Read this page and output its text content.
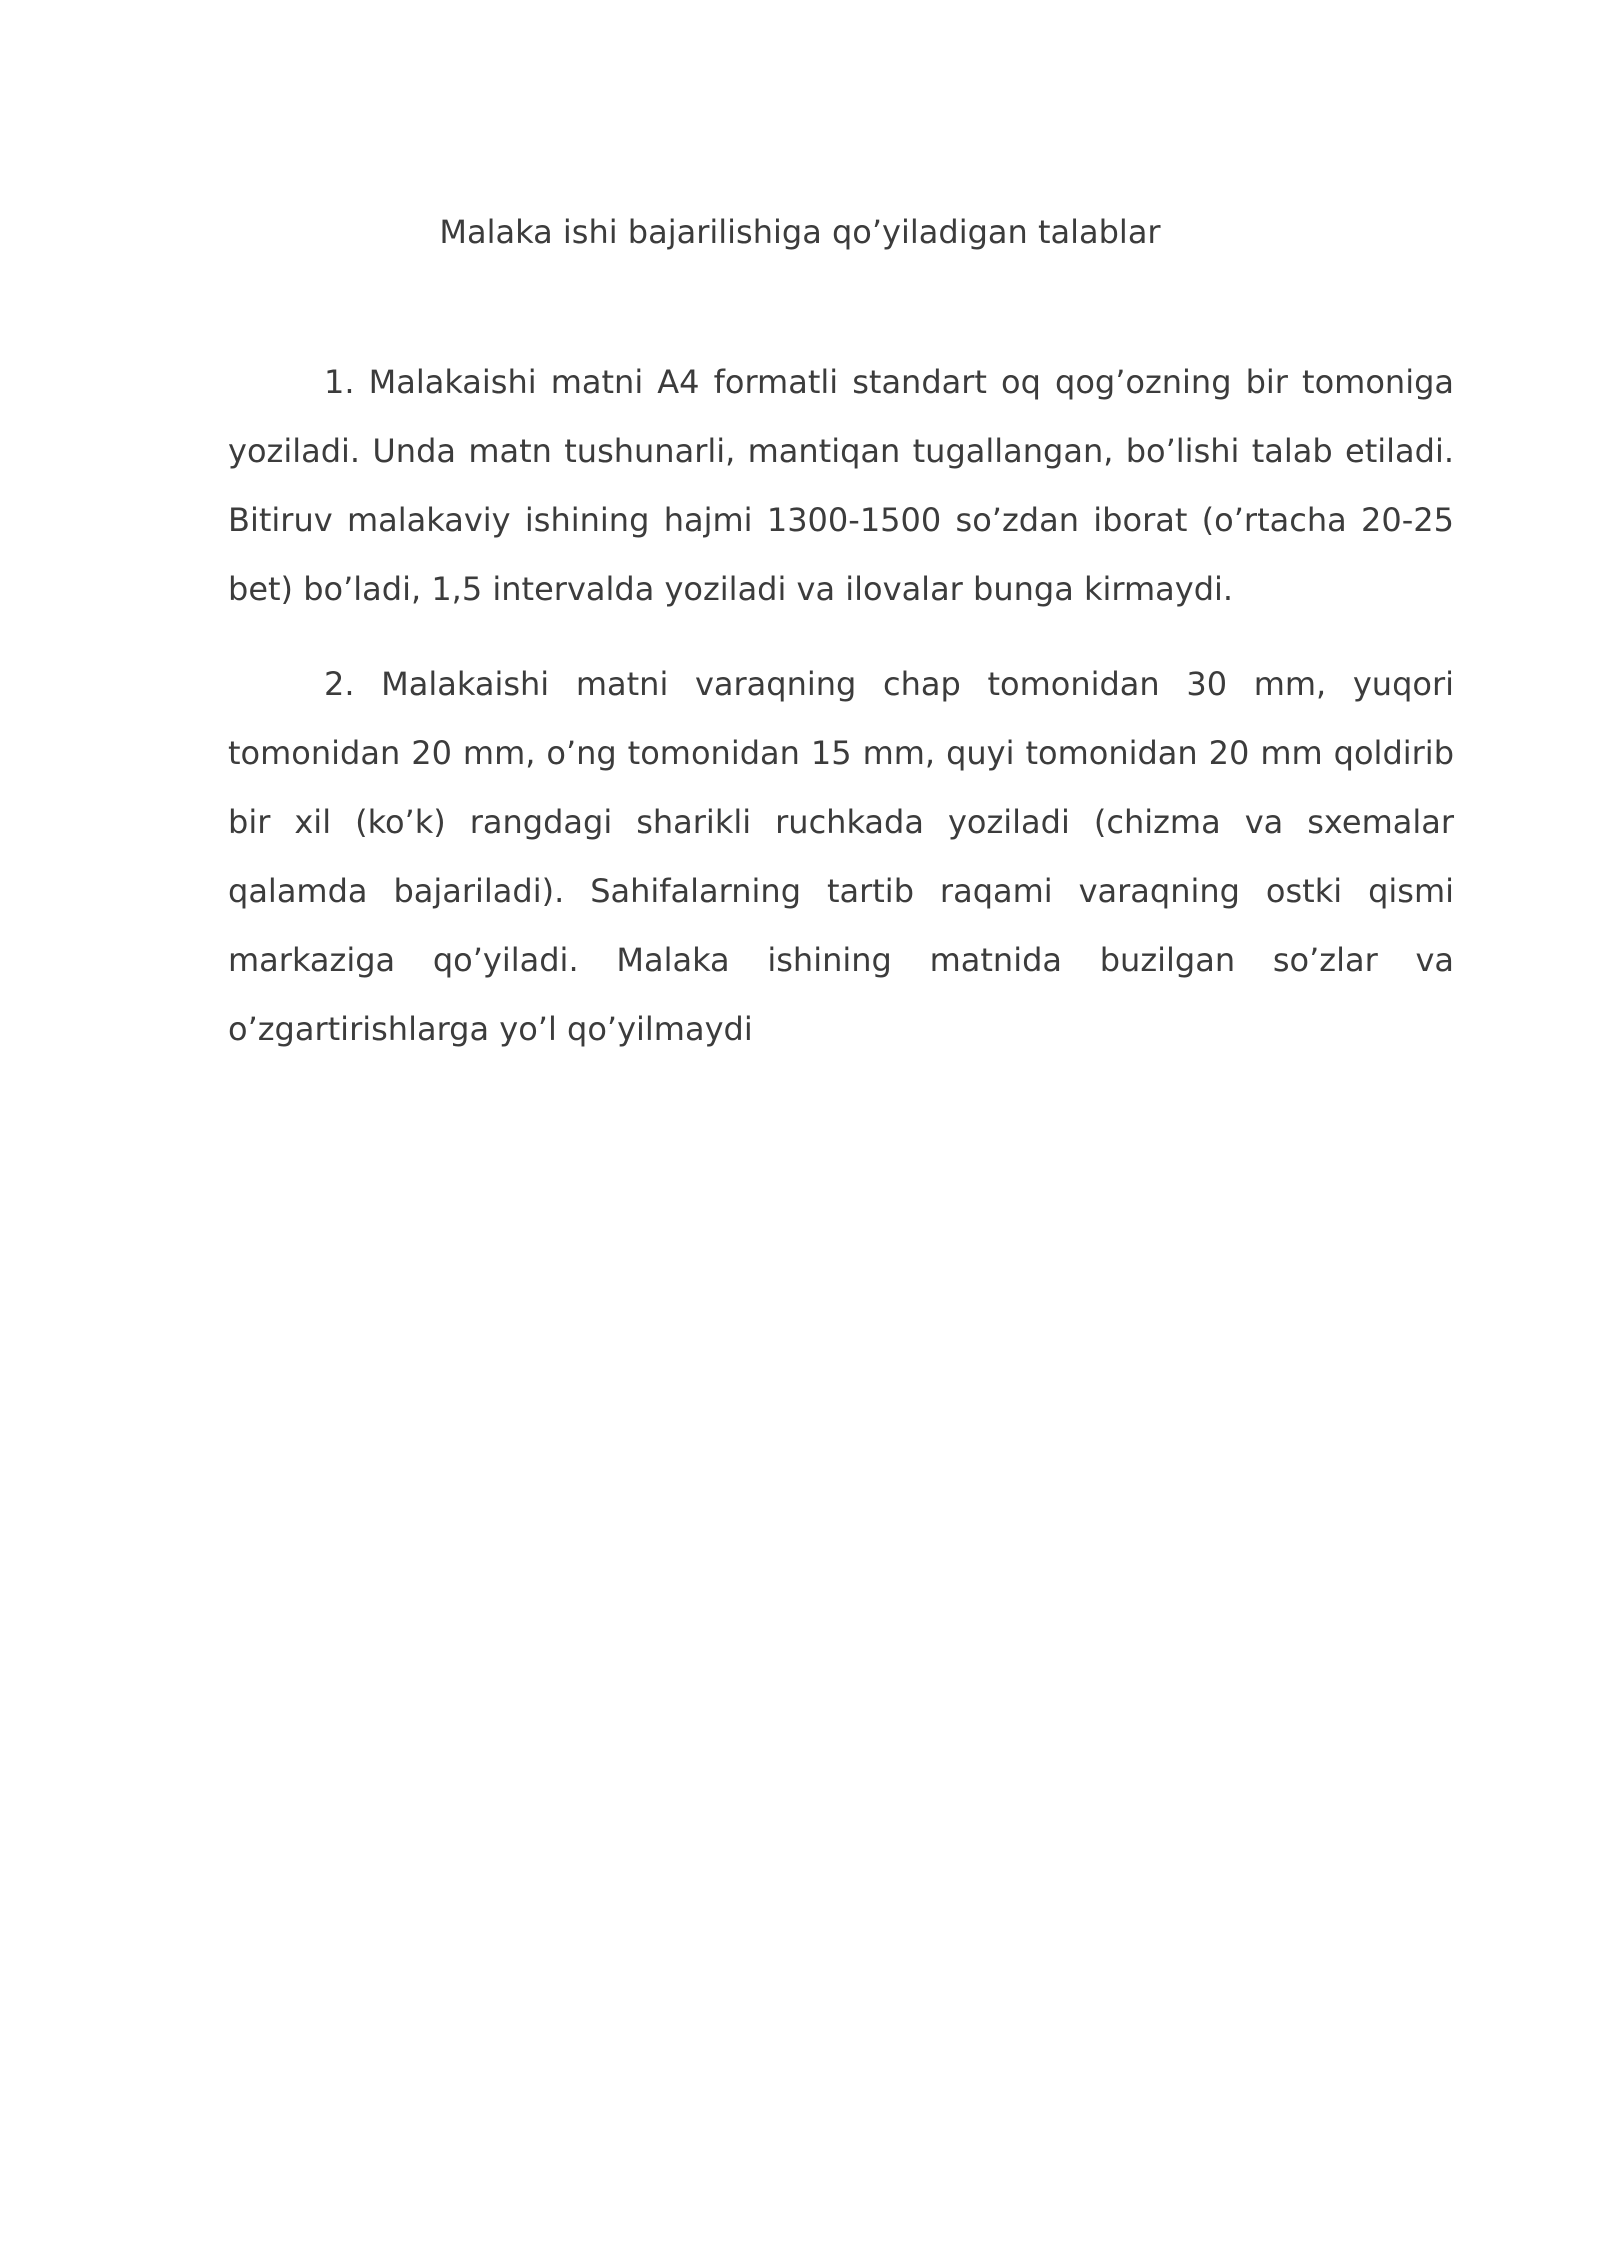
Malaka ishi bajarilishiga qo’yiladigan talablar

1. Malakaishi matni A4 formatli standart oq qog’ozning bir tomoniga yoziladi. Unda matn tushunarli, mantiqan tugallangan, bo’lishi talab etiladi. Bitiruv malakaviy ishining hajmi 1300-1500 so’zdan iborat (o’rtacha 20-25 bet) bo’ladi, 1,5 intervalda yoziladi va ilovalar bunga kirmaydi.

2. Malakaishi matni varaqning chap tomonidan 30 mm, yuqori tomonidan 20 mm, o’ng tomonidan 15 mm, quyi tomonidan 20 mm qoldirib bir xil (ko’k) rangdagi sharikli ruchkada yoziladi (chizma va sxemalar qalamda bajariladi). Sahifalarning tartib raqami varaqning ostki qismi markaziga qo’yiladi. Malaka ishining matnida buzilgan so’zlar va o’zgartirishlarga yo’l qo’yilmaydi
